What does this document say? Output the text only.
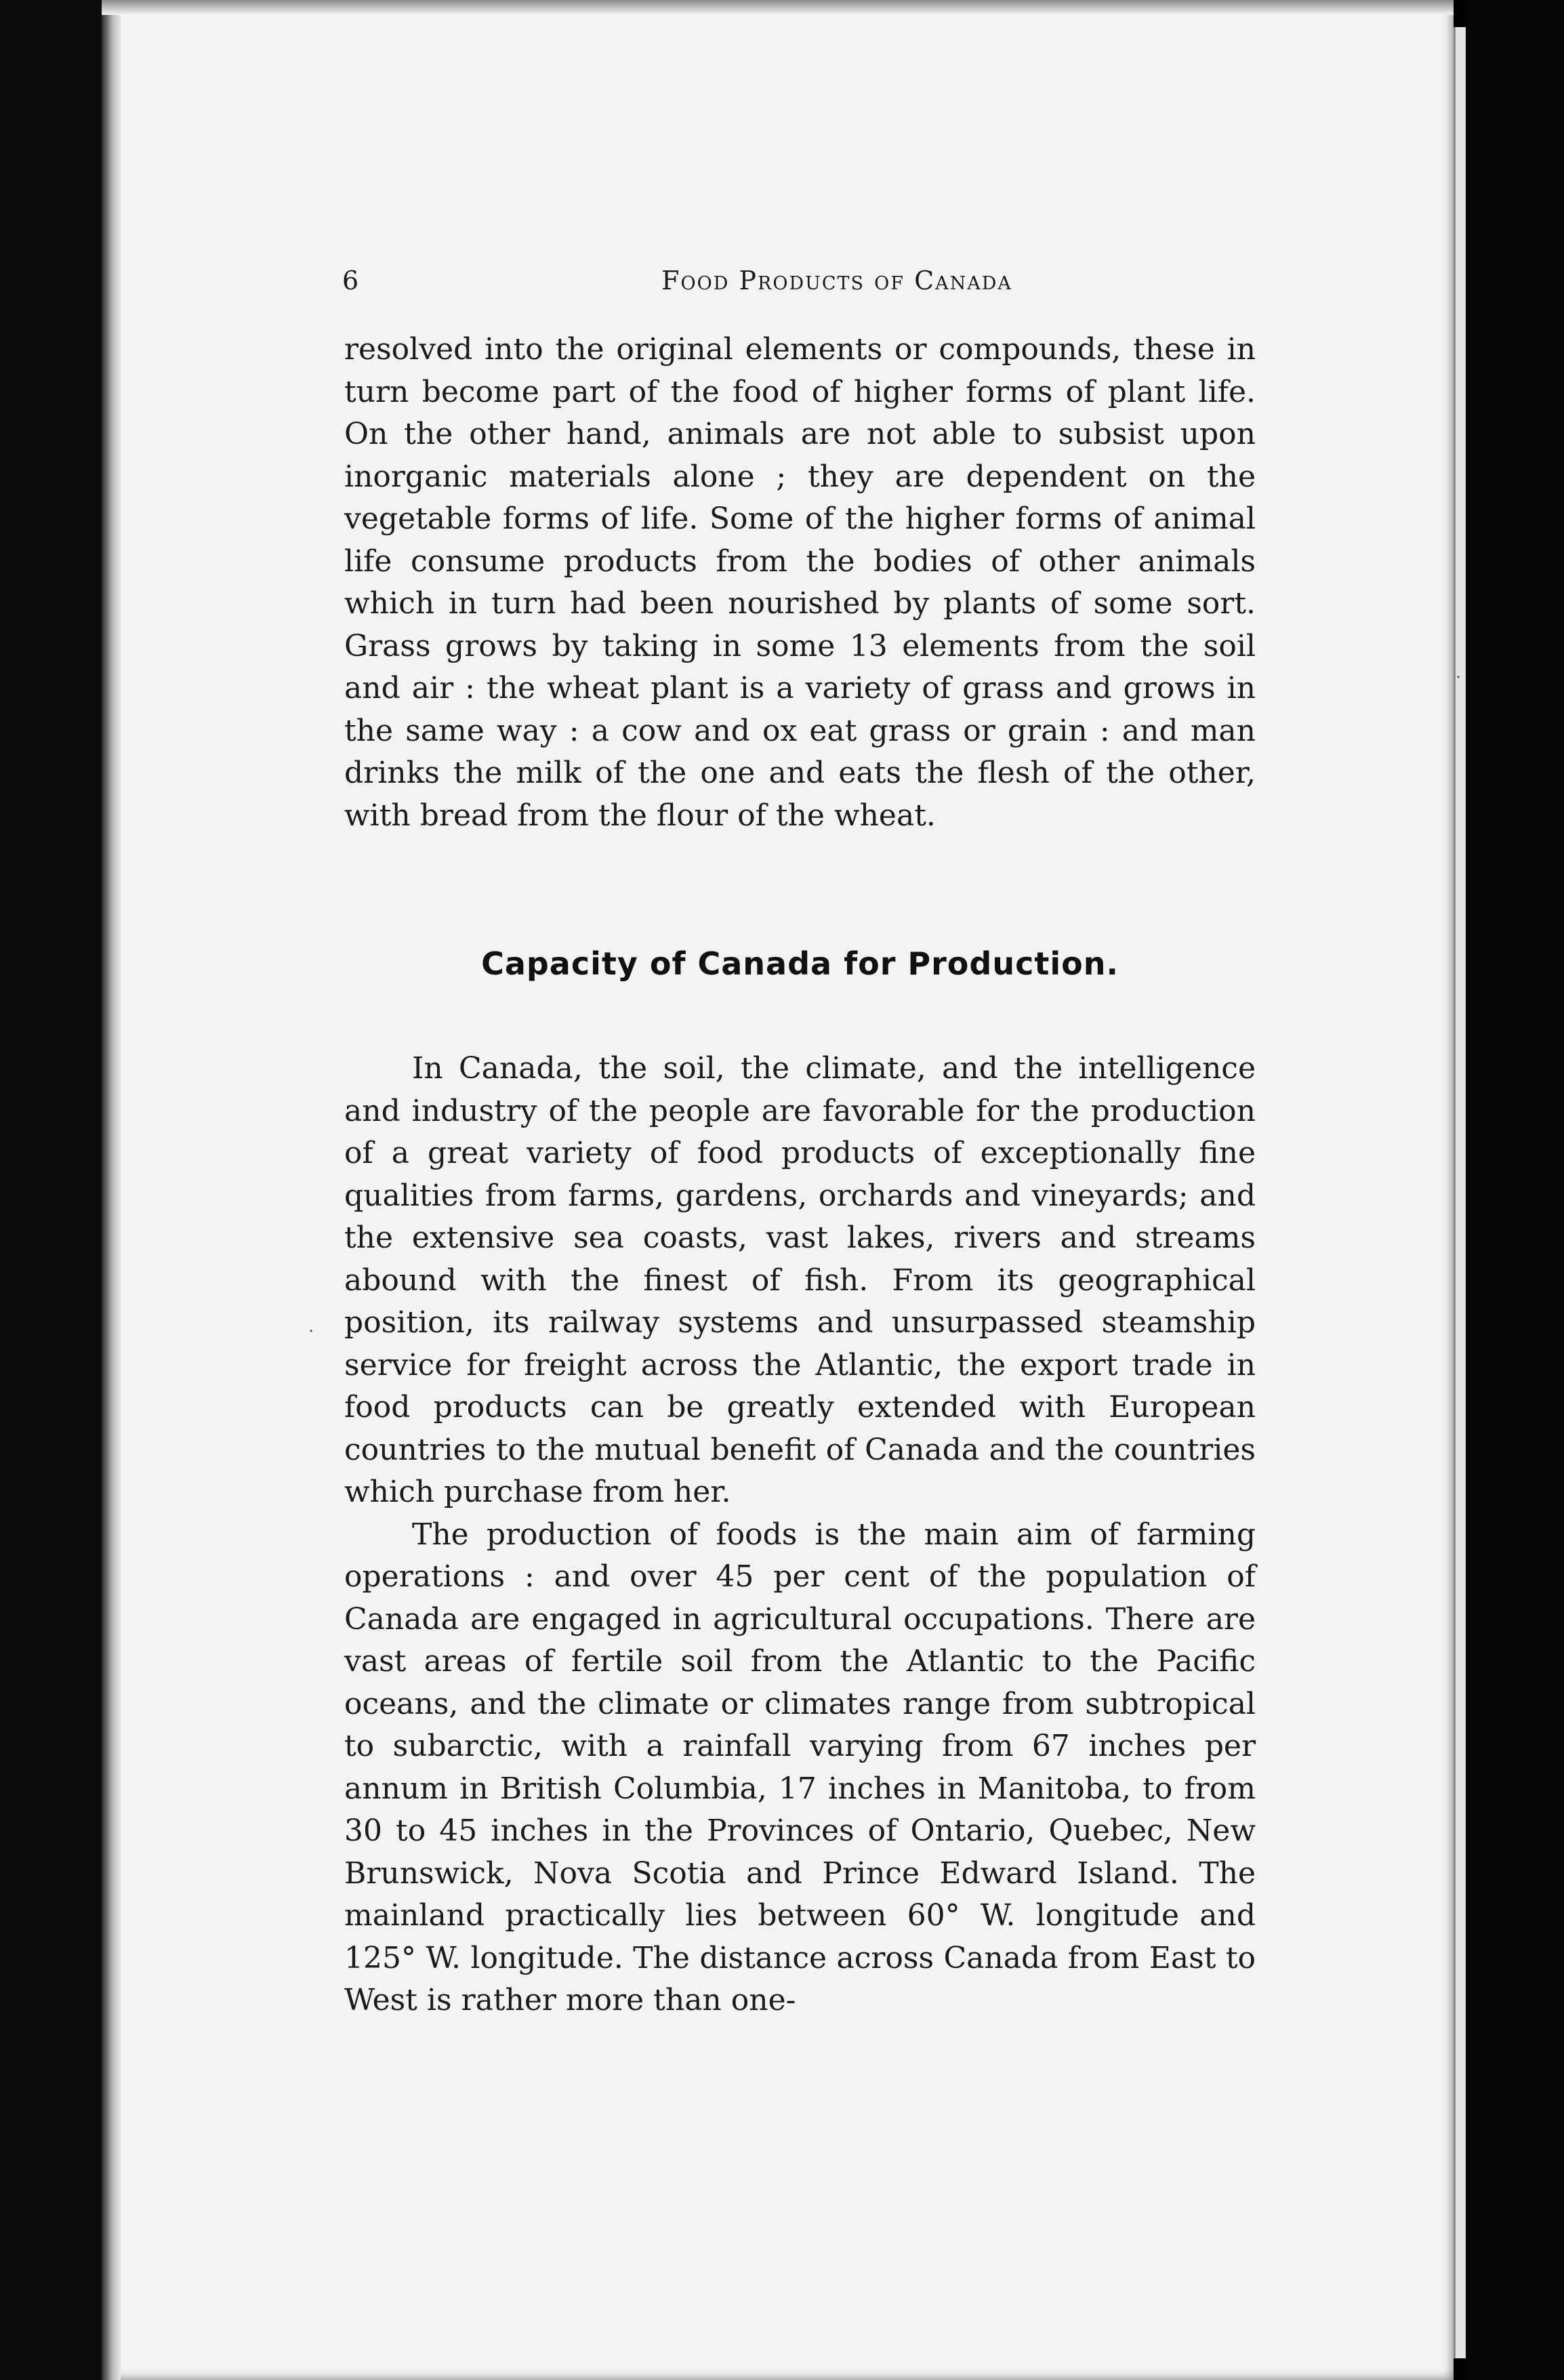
6	Food Products of Canada

resolved into the original elements or compounds, these in turn become part of the food of higher forms of plant life. On the other hand, animals are not able to subsist upon inorganic materials alone ; they are dependent on the vegetable forms of life. Some of the higher forms of animal life consume products from the bodies of other animals which in turn had been nourished by plants of some sort. Grass grows by taking in some 13 elements from the soil and air : the wheat plant is a variety of grass and grows in the same way : a cow and ox eat grass or grain : and man drinks the milk of the one and eats the flesh of the other, with bread from the flour of the wheat.

Capacity of Canada for Production.

In Canada, the soil, the climate, and the intelligence and industry of the people are favorable for the production of a great variety of food products of exceptionally fine qualities from farms, gardens, orchards and vineyards; and the extensive sea coasts, vast lakes, rivers and streams abound with the finest of fish. From its geographical position, its railway systems and unsurpassed steamship service for freight across the Atlantic, the export trade in food products can be greatly extended with European countries to the mutual benefit of Canada and the countries which purchase from her.

The production of foods is the main aim of farming operations : and over 45 per cent of the population of Canada are engaged in agricultural occupations. There are vast areas of fertile soil from the Atlantic to the Pacific oceans, and the climate or climates range from subtropical to subarctic, with a rainfall varying from 67 inches per annum in British Columbia, 17 inches in Manitoba, to from 30 to 45 inches in the Provinces of Ontario, Quebec, New Brunswick, Nova Scotia and Prince Edward Island. The mainland practically lies between 60° W. longitude and 125° W. longitude. The distance across Canada from East to West is rather more than one-

·
·
